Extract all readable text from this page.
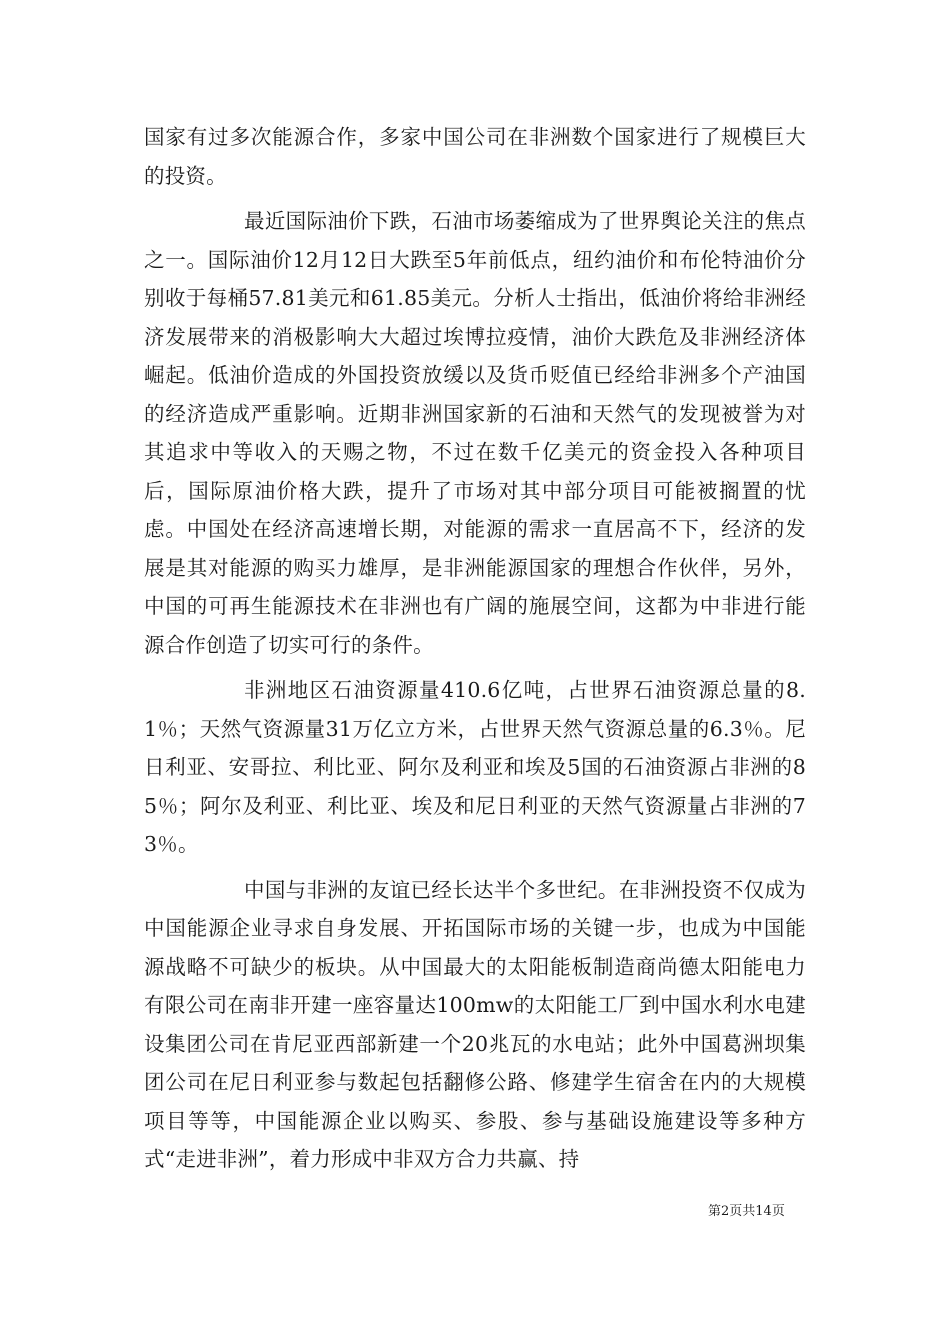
国家有过多次能源合作，多家中国公司在非洲数个国家进行了规模巨大的投资。

最近国际油价下跌，石油市场萎缩成为了世界舆论关注的焦点之一。国际油价12月12日大跌至5年前低点，纽约油价和布伦特油价分别收于每桶57.81美元和61.85美元。分析人士指出，低油价将给非洲经济发展带来的消极影响大大超过埃博拉疫情，油价大跌危及非洲经济体崛起。低油价造成的外国投资放缓以及货币贬值已经给非洲多个产油国的经济造成严重影响。近期非洲国家新的石油和天然气的发现被誉为对其追求中等收入的天赐之物，不过在数千亿美元的资金投入各种项目后，国际原油价格大跌，提升了市场对其中部分项目可能被搁置的忧虑。中国处在经济高速增长期，对能源的需求一直居高不下，经济的发展是其对能源的购买力雄厚，是非洲能源国家的理想合作伙伴，另外，中国的可再生能源技术在非洲也有广阔的施展空间，这都为中非进行能源合作创造了切实可行的条件。

非洲地区石油资源量410.6亿吨，占世界石油资源总量的8.1％；天然气资源量31万亿立方米，占世界天然气资源总量的6.3％。尼日利亚、安哥拉、利比亚、阿尔及利亚和埃及5国的石油资源占非洲的85％；阿尔及利亚、利比亚、埃及和尼日利亚的天然气资源量占非洲的73％。

中国与非洲的友谊已经长达半个多世纪。在非洲投资不仅成为中国能源企业寻求自身发展、开拓国际市场的关键一步，也成为中国能源战略不可缺少的板块。从中国最大的太阳能板制造商尚德太阳能电力有限公司在南非开建一座容量达100mw的太阳能工厂到中国水利水电建设集团公司在肯尼亚西部新建一个20兆瓦的水电站；此外中国葛洲坝集团公司在尼日利亚参与数起包括翻修公路、修建学生宿舍在内的大规模项目等等，中国能源企业以购买、参股、参与基础设施建设等多种方式“走进非洲”，着力形成中非双方合力共赢、持

第2页共14页
